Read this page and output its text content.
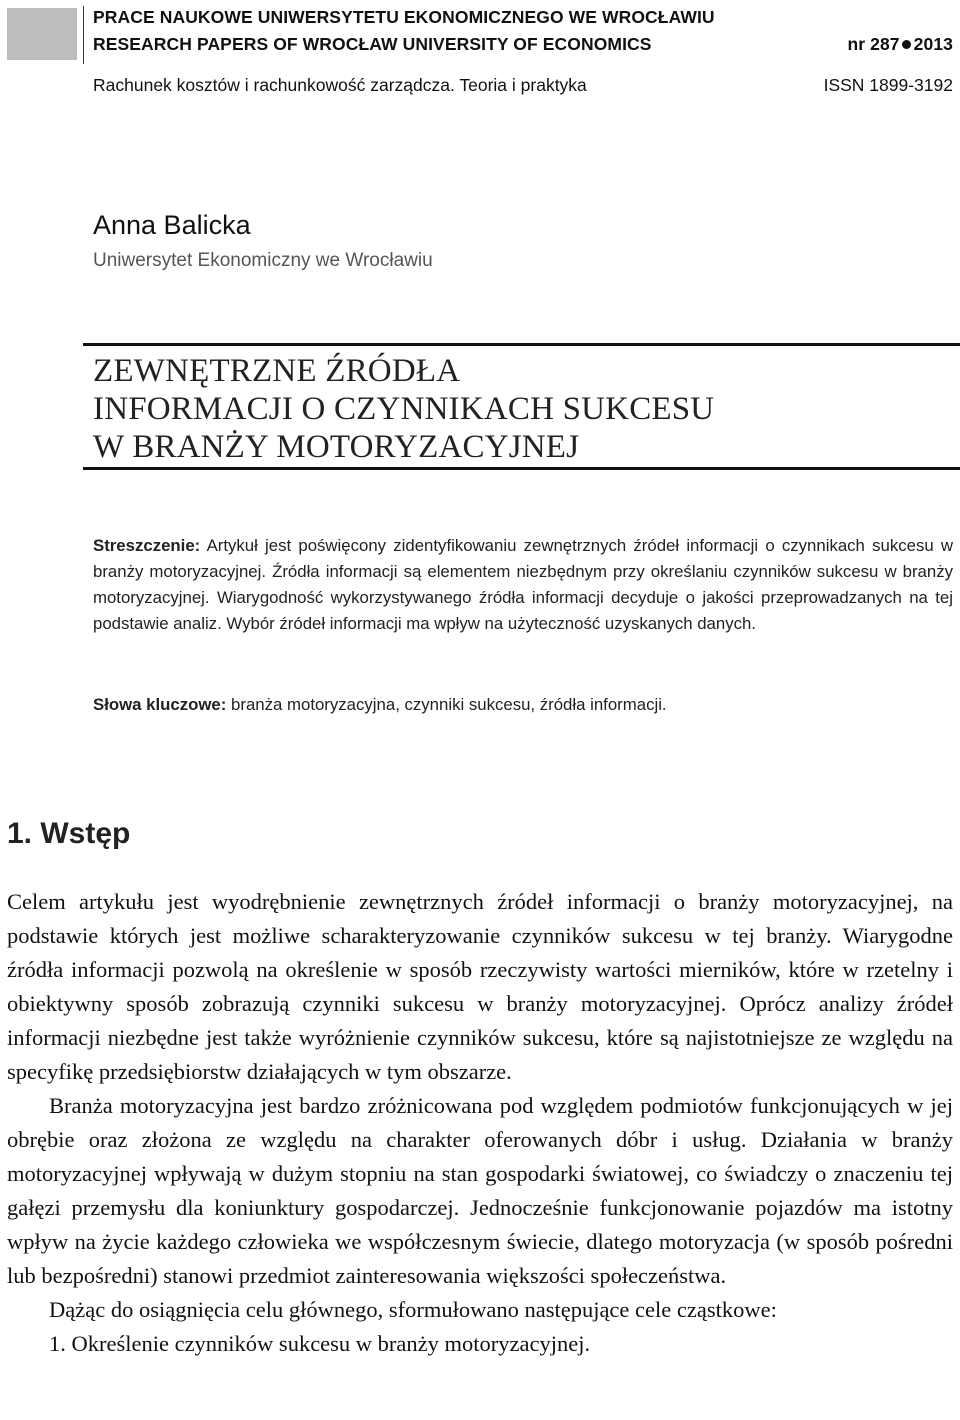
PRACE NAUKOWE UNIWERSYTETU EKONOMICZNEGO WE WROCŁAWIU
RESEARCH PAPERS OF WROCŁAW UNIVERSITY OF ECONOMICS	nr 287 2013
Rachunek kosztów i rachunkowość zarządcza. Teoria i praktyka	ISSN 1899-3192
Anna Balicka
Uniwersytet Ekonomiczny we Wrocławiu
ZEWNĘTRZNE ŹRÓDŁA
INFORMACJI O CZYNNIKACH SUKCESU
W BRANŻY MOTORYZACYJNEJ
Streszczenie: Artykuł jest poświęcony zidentyfikowaniu zewnętrznych źródeł informacji o czynnikach sukcesu w branży motoryzacyjnej. Źródła informacji są elementem niezbędnym przy określaniu czynników sukcesu w branży motoryzacyjnej. Wiarygodność wykorzystywanego źródła informacji decyduje o jakości przeprowadzanych na tej podstawie analiz. Wybór źródeł informacji ma wpływ na użyteczność uzyskanych danych.
Słowa kluczowe: branża motoryzacyjna, czynniki sukcesu, źródła informacji.
1. Wstęp

Celem artykułu jest wyodrębnienie zewnętrznych źródeł informacji o branży motoryzacyjnej, na podstawie których jest możliwe scharakteryzowanie czynników sukcesu w tej branży. Wiarygodne źródła informacji pozwolą na określenie w sposób rzeczywisty wartości mierników, które w rzetelny i obiektywny sposób zobrazują czynniki sukcesu w branży motoryzacyjnej. Oprócz analizy źródeł informacji niezbędne jest także wyróżnienie czynników sukcesu, które są najistotniejsze ze względu na specyfikę przedsiębiorstw działających w tym obszarze.

Branża motoryzacyjna jest bardzo zróżnicowana pod względem podmiotów funkcjonujących w jej obrębie oraz złożona ze względu na charakter oferowanych dóbr i usług. Działania w branży motoryzacyjnej wpływają w dużym stopniu na stan gospodarki światowej, co świadczy o znaczeniu tej gałęzi przemysłu dla koniunktury gospodarczej. Jednocześnie funkcjonowanie pojazdów ma istotny wpływ na życie każdego człowieka we współczesnym świecie, dlatego motoryzacja (w sposób pośredni lub bezpośredni) stanowi przedmiot zainteresowania większości społeczeństwa.

Dążąc do osiągnięcia celu głównego, sformułowano następujące cele cząstkowe:

1. Określenie czynników sukcesu w branży motoryzacyjnej.
